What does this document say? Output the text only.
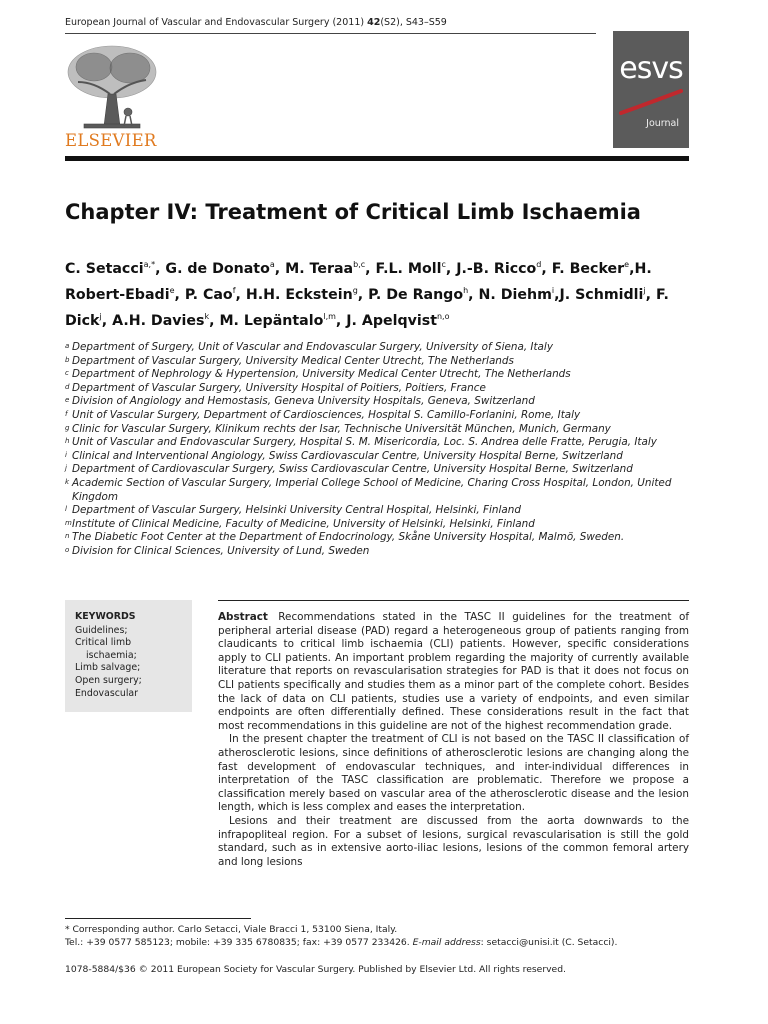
European Journal of Vascular and Endovascular Surgery (2011) 42(S2), S43–S59
ELSEVIER
esvs
Journal
Chapter IV: Treatment of Critical Limb Ischaemia
C. Setacci$^{a,*}$, G. de Donato$^a$, M. Teraa$^{b,c}$, F.L. Moll$^c$, J.-B. Ricco$^d$, F. Becker$^e$,H. Robert-Ebadi$^e$, P. Cao$^f$, H.H. Eckstein$^g$, P. De Rango$^h$, N. Diehm$^i$,J. Schmidli$^j$, F. Dick$^j$, A.H. Davies$^k$, M. Lepäntalo$^{l,m}$, J. Apelqvist$^{n,o}$
a Department of Surgery, Unit of Vascular and Endovascular Surgery, University of Siena, Italy
b Department of Vascular Surgery, University Medical Center Utrecht, The Netherlands
c Department of Nephrology & Hypertension, University Medical Center Utrecht, The Netherlands
d Department of Vascular Surgery, University Hospital of Poitiers, Poitiers, France
e Division of Angiology and Hemostasis, Geneva University Hospitals, Geneva, Switzerland
f Unit of Vascular Surgery, Department of Cardiosciences, Hospital S. Camillo-Forlanini, Rome, Italy
g Clinic for Vascular Surgery, Klinikum rechts der Isar, Technische Universität München, Munich, Germany
h Unit of Vascular and Endovascular Surgery, Hospital S. M. Misericordia, Loc. S. Andrea delle Fratte, Perugia, Italy
i Clinical and Interventional Angiology, Swiss Cardiovascular Centre, University Hospital Berne, Switzerland
j Department of Cardiovascular Surgery, Swiss Cardiovascular Centre, University Hospital Berne, Switzerland
k Academic Section of Vascular Surgery, Imperial College School of Medicine, Charing Cross Hospital, London, United Kingdom
l Department of Vascular Surgery, Helsinki University Central Hospital, Helsinki, Finland
m Institute of Clinical Medicine, Faculty of Medicine, University of Helsinki, Helsinki, Finland
n The Diabetic Foot Center at the Department of Endocrinology, Skåne University Hospital, Malmö, Sweden.
o Division for Clinical Sciences, University of Lund, Sweden
KEYWORDS
Guidelines;
Critical limb
ischaemia;
Limb salvage;
Open surgery;
Endovascular

Abstract  Recommendations stated in the TASC II guidelines for the treatment of peripheral arterial disease (PAD) regard a heterogeneous group of patients ranging from claudicants to critical limb ischaemia (CLI) patients. However, specific considerations apply to CLI patients. An important problem regarding the majority of currently available literature that reports on revascularisation strategies for PAD is that it does not focus on CLI patients specifically and studies them as a minor part of the complete cohort. Besides the lack of data on CLI patients, studies use a variety of endpoints, and even similar endpoints are often differentially defined. These considerations result in the fact that most recommendations in this guideline are not of the highest recommendation grade.

In the present chapter the treatment of CLI is not based on the TASC II classification of atherosclerotic lesions, since definitions of atherosclerotic lesions are changing along the fast development of endovascular techniques, and inter-individual differences in interpretation of the TASC classification are problematic. Therefore we propose a classification merely based on vascular area of the atherosclerotic disease and the lesion length, which is less complex and eases the interpretation.

Lesions and their treatment are discussed from the aorta downwards to the infrapopliteal region. For a subset of lesions, surgical revascularisation is still the gold standard, such as in extensive aorto-iliac lesions, lesions of the common femoral artery and long lesions

* Corresponding author. Carlo Setacci, Viale Bracci 1, 53100 Siena, Italy.
Tel.: +39 0577 585123; mobile: +39 335 6780835; fax: +39 0577 233426. E-mail address: setacci@unisi.it (C. Setacci).
1078-5884/$36 © 2011 European Society for Vascular Surgery. Published by Elsevier Ltd. All rights reserved.
